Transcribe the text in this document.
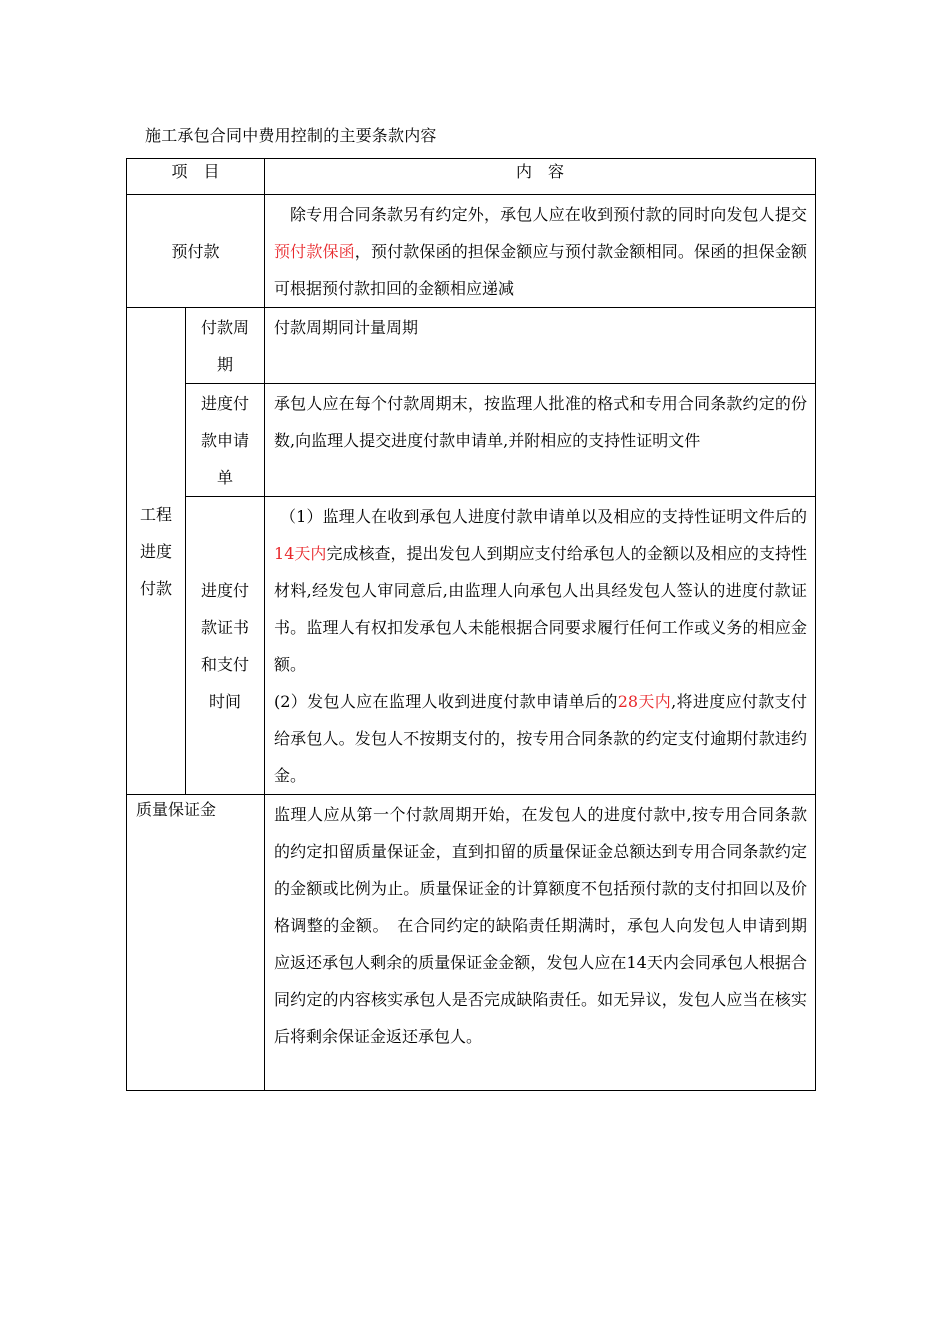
施工承包合同中费用控制的主要条款内容
项　目		内　容
预付款		除专用合同条款另有约定外，承包人应在收到预付款的同时向发包人提交预付款保函，预付款保函的担保金额应与预付款金额相同。保函的担保金额可根据预付款扣回的金额相应递减

工程进度付款	付款周期	付款周期同计量周期

	进度付款申请单	承包人应在每个付款周期末，按监理人批准的格式和专用合同条款约定的份数,向监理人提交进度付款申请单,并附相应的支持性证明文件

	进度付款证书和支付时间	（1）监理人在收到承包人进度付款申请单以及相应的支持性证明文件后的14天内完成核查，提出发包人到期应支付给承包人的金额以及相应的支持性材料,经发包人审同意后,由监理人向承包人出具经发包人签认的进度付款证书。监理人有权扣发承包人未能根据合同要求履行任何工作或义务的相应金额。
(2）发包人应在监理人收到进度付款申请单后的28天内,将进度应付款支付给承包人。发包人不按期支付的，按专用合同条款的约定支付逾期付款违约金。

质量保证金		监理人应从第一个付款周期开始，在发包人的进度付款中,按专用合同条款的约定扣留质量保证金，直到扣留的质量保证金总额达到专用合同条款约定的金额或比例为止。质量保证金的计算额度不包括预付款的支付扣回以及价格调整的金额。　在合同约定的缺陷责任期满时，承包人向发包人申请到期应返还承包人剩余的质量保证金金额，发包人应在14天内会同承包人根据合同约定的内容核实承包人是否完成缺陷责任。如无异议，发包人应当在核实后将剩余保证金返还承包人。
